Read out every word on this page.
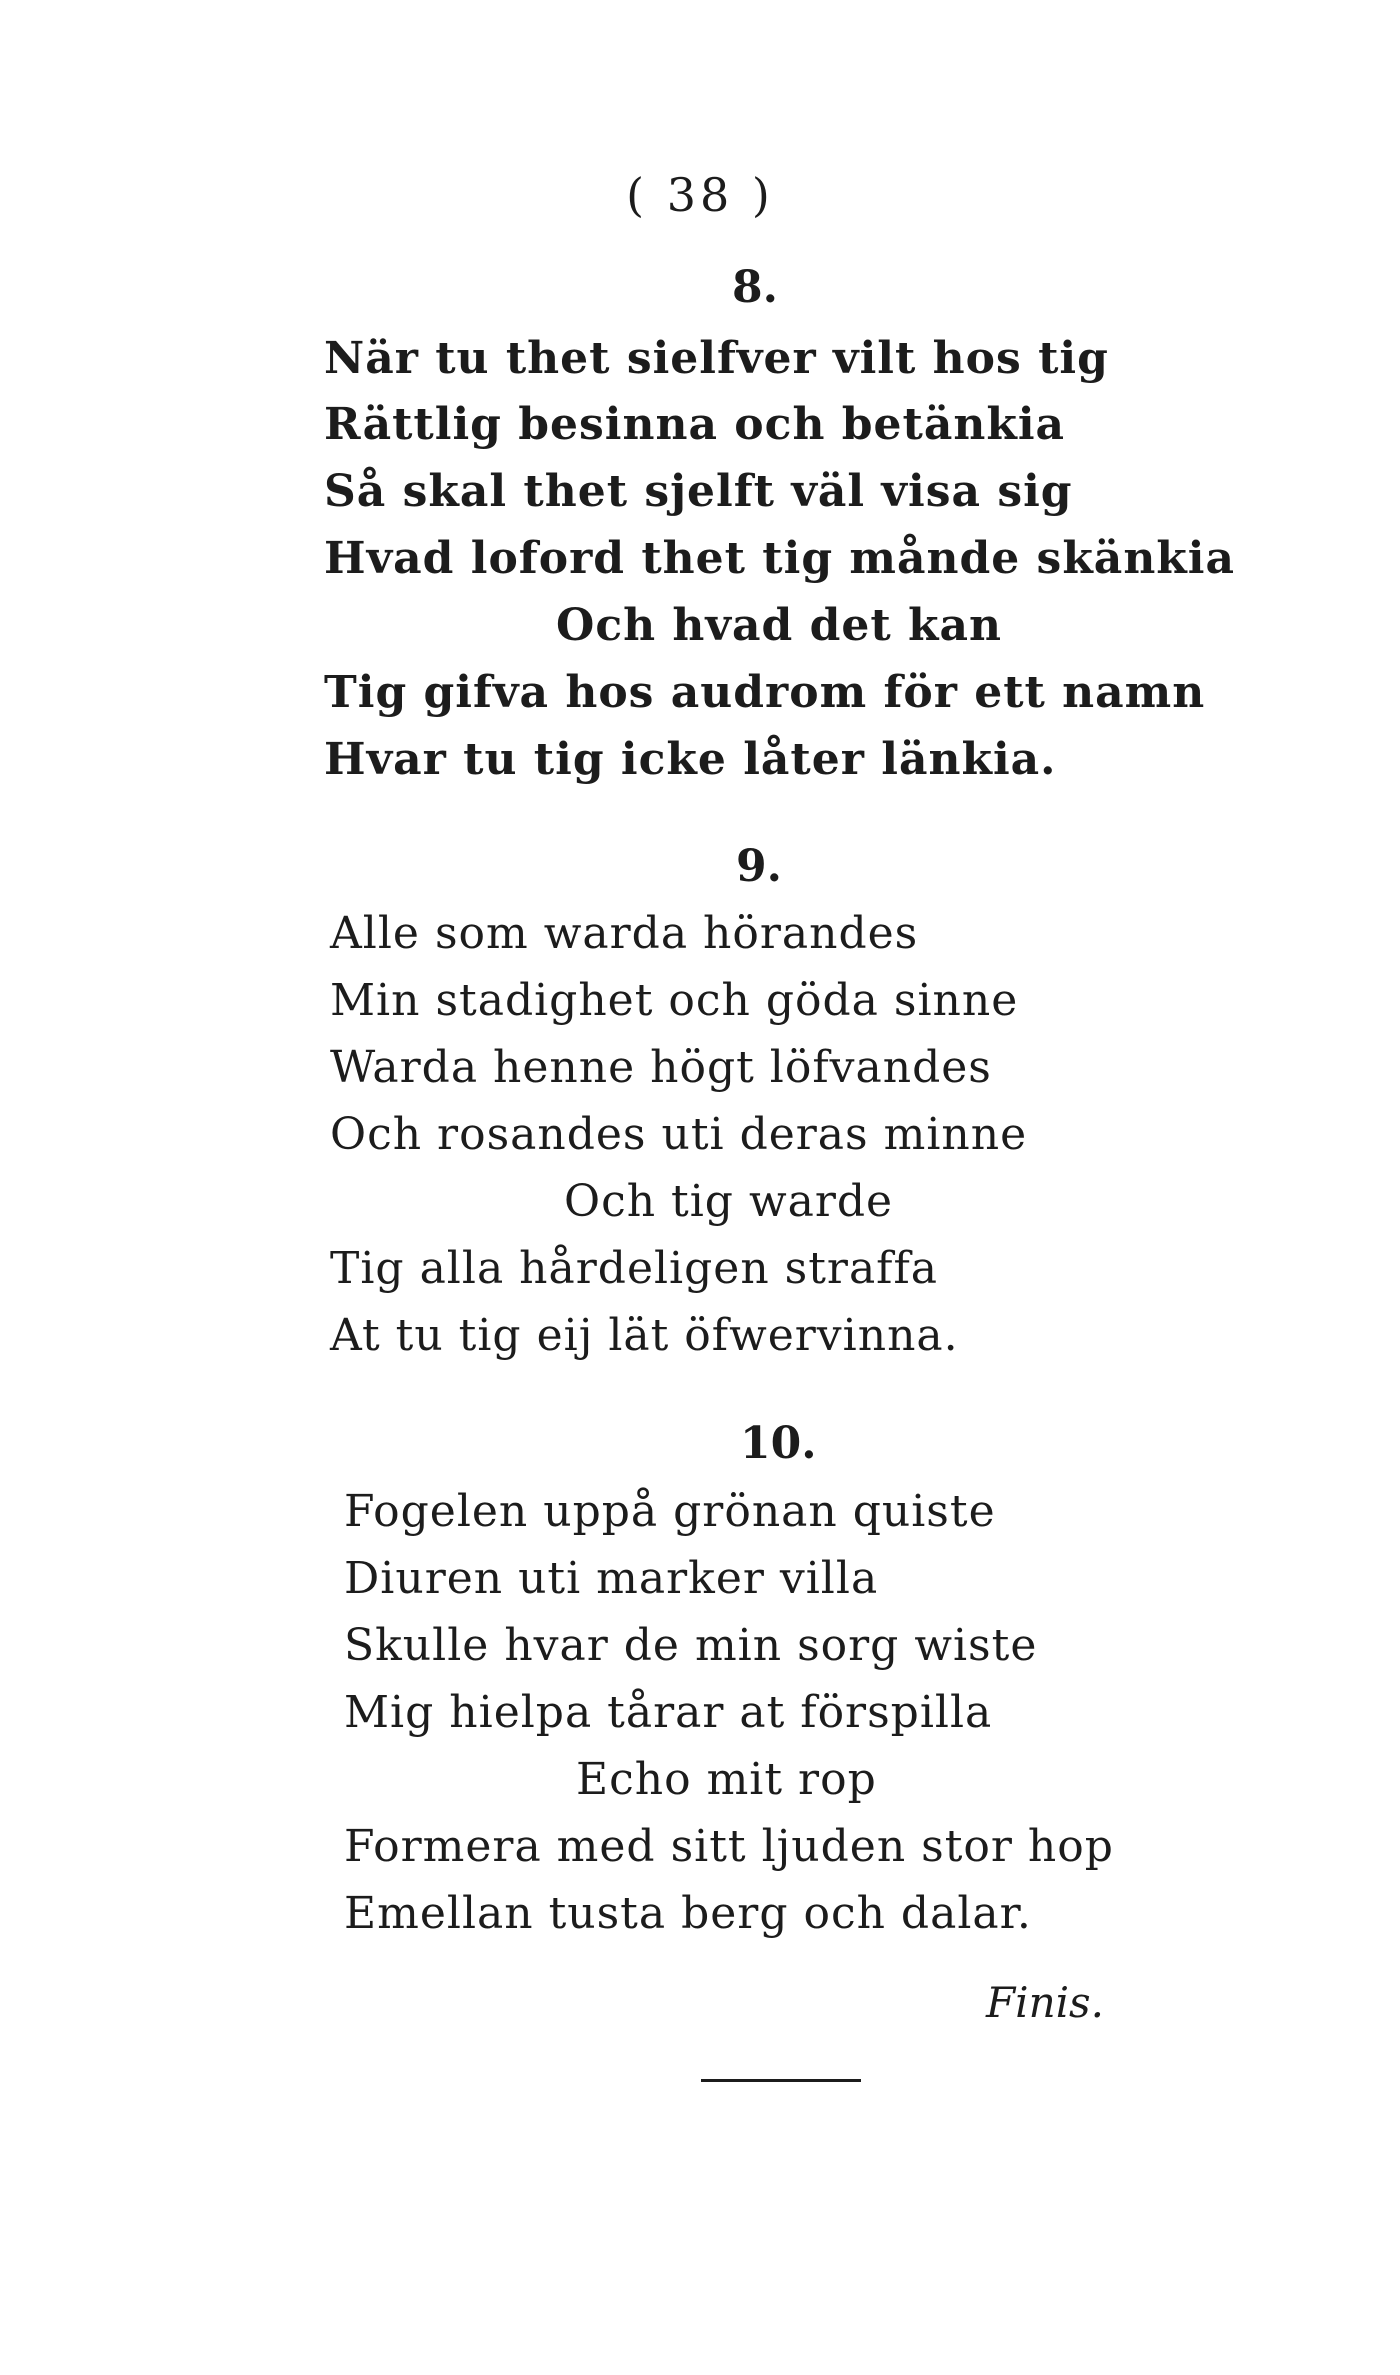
( 38 )
8.
När tu thet sielfver vilt hos tig
Rättlig besinna och betänkia
Så skal thet sjelft väl visa sig
Hvad loford thet tig månde skänkia
Och hvad det kan
Tig gifva hos audrom för ett namn
Hvar tu tig icke låter länkia.
9.
Alle som warda hörandes
Min stadighet och göda sinne
Warda henne högt löfvandes
Och rosandes uti deras minne
Och tig warde
Tig alla hårdeligen straffa
At tu tig eij lät öfwervinna.
10.
Fogelen uppå grönan quiste
Diuren uti marker villa
Skulle hvar de min sorg wiste
Mig hielpa tårar at förspilla
Echo mit rop
Formera med sitt ljuden stor hop
Emellan tusta berg och dalar.
Finis.
